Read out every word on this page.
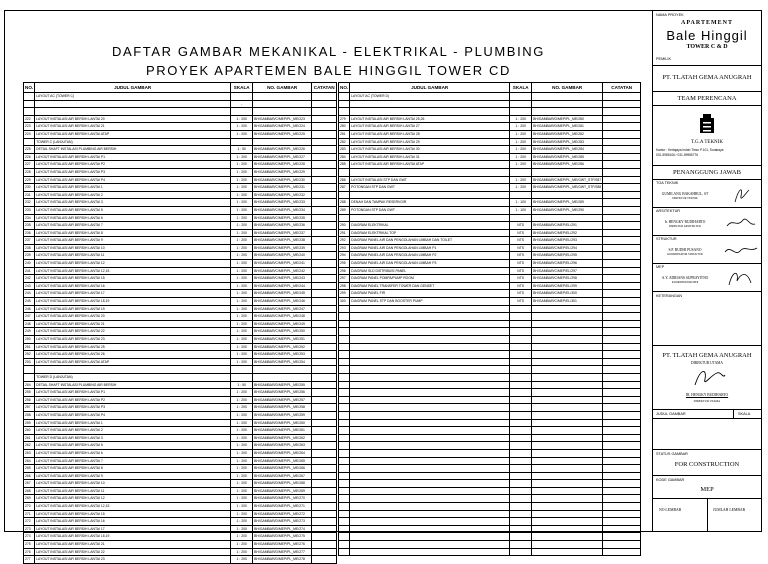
DAFTAR GAMBAR MEKANIKAL - ELEKTRIKAL - PLUMBING
PROYEK APARTEMEN BALE HINGGIL TOWER CD
NO.	JUDUL GAMBAR	SKALA	NO. GAMBAR	CATATAN
	LAYOUT AC (TOWER C)			
		-		

222	LAYOUT INSTALASI AIR BERSIH LANTAI 20	1 : 200	BH/GAMBAR/C/MEP/PL_ME/223	
223	LAYOUT INSTALASI AIR BERSIH LANTAI 21	1 : 200	BH/GAMBAR/C/MEP/PL_ME/224	
224	LAYOUT INSTALASI AIR BERSIH LANTAI ATAP	1 : 200	BH/GAMBAR/C/MEP/PL_ME/225	
	TOWER C (LANJUTAN)			
225	DETAIL SHAFT INSTALASI PLUMBING AIR BERSIH	1 : 50	BH/GAMBAR/C/MEP/PL_ME/226	
226	LAYOUT INSTALASI AIR BERSIH LANTAI P1	1 : 200	BH/GAMBAR/C/MEP/PL_ME/227	
227	LAYOUT INSTALASI AIR BERSIH LANTAI P2	1 : 200	BH/GAMBAR/C/MEP/PL_ME/228	
228	LAYOUT INSTALASI AIR BERSIH LANTAI P3	1 : 200	BH/GAMBAR/C/MEP/PL_ME/229	
229	LAYOUT INSTALASI AIR BERSIH LANTAI P4	1 : 200	BH/GAMBAR/C/MEP/PL_ME/230	
230	LAYOUT INSTALASI AIR BERSIH LANTAI 1	1 : 200	BH/GAMBAR/C/MEP/PL_ME/231	
231	LAYOUT INSTALASI AIR BERSIH LANTAI 2	1 : 200	BH/GAMBAR/C/MEP/PL_ME/232	
232	LAYOUT INSTALASI AIR BERSIH LANTAI 3	1 : 200	BH/GAMBAR/C/MEP/PL_ME/233	
233	LAYOUT INSTALASI AIR BERSIH LANTAI 5	1 : 200	BH/GAMBAR/C/MEP/PL_ME/234	
234	LAYOUT INSTALASI AIR BERSIH LANTAI 6	1 : 200	BH/GAMBAR/C/MEP/PL_ME/235	
235	LAYOUT INSTALASI AIR BERSIH LANTAI 7	1 : 200	BH/GAMBAR/C/MEP/PL_ME/236	
236	LAYOUT INSTALASI AIR BERSIH LANTAI 8	1 : 200	BH/GAMBAR/C/MEP/PL_ME/237	
237	LAYOUT INSTALASI AIR BERSIH LANTAI 9	1 : 200	BH/GAMBAR/C/MEP/PL_ME/238	
238	LAYOUT INSTALASI AIR BERSIH LANTAI 10	1 : 200	BH/GAMBAR/C/MEP/PL_ME/239	
239	LAYOUT INSTALASI AIR BERSIH LANTAI 11	1 : 200	BH/GAMBAR/C/MEP/PL_ME/240	
240	LAYOUT INSTALASI AIR BERSIH LANTAI 12	1 : 200	BH/GAMBAR/C/MEP/PL_ME/241	
241	LAYOUT INSTALASI AIR BERSIH LANTAI 12,15	1 : 200	BH/GAMBAR/C/MEP/PL_ME/242	
242	LAYOUT INSTALASI AIR BERSIH LANTAI 15	1 : 200	BH/GAMBAR/C/MEP/PL_ME/243	
243	LAYOUT INSTALASI AIR BERSIH LANTAI 16	1 : 200	BH/GAMBAR/C/MEP/PL_ME/244	
244	LAYOUT INSTALASI AIR BERSIH LANTAI 17	1 : 200	BH/GAMBAR/C/MEP/PL_ME/245	
245	LAYOUT INSTALASI AIR BERSIH LANTAI 18,19	1 : 200	BH/GAMBAR/C/MEP/PL_ME/246	
246	LAYOUT INSTALASI AIR BERSIH LANTAI 19	1 : 200	BH/GAMBAR/C/MEP/PL_ME/247	
247	LAYOUT INSTALASI AIR BERSIH LANTAI 20	1 : 200	BH/GAMBAR/C/MEP/PL_ME/248	
248	LAYOUT INSTALASI AIR BERSIH LANTAI 21	1 : 200	BH/GAMBAR/C/MEP/PL_ME/249	
249	LAYOUT INSTALASI AIR BERSIH LANTAI 22	1 : 200	BH/GAMBAR/C/MEP/PL_ME/250	
250	LAYOUT INSTALASI AIR BERSIH LANTAI 23	1 : 200	BH/GAMBAR/C/MEP/PL_ME/251	
251	LAYOUT INSTALASI AIR BERSIH LANTAI 25	1 : 200	BH/GAMBAR/C/MEP/PL_ME/252	
252	LAYOUT INSTALASI AIR BERSIH LANTAI 26	1 : 200	BH/GAMBAR/C/MEP/PL_ME/253	
253	LAYOUT INSTALASI AIR BERSIH LANTAI ATAP	1 : 200	BH/GAMBAR/C/MEP/PL_ME/254	

	TOWER D (LANJUTAN)			
254	DETAIL SHAFT INSTALASI PLUMBING AIR BERSIH	1 : 50	BH/GAMBAR/D/MEP/PL_ME/255	
255	LAYOUT INSTALASI AIR BERSIH LANTAI P1	1 : 200	BH/GAMBAR/D/MEP/PL_ME/256	
256	LAYOUT INSTALASI AIR BERSIH LANTAI P2	1 : 200	BH/GAMBAR/D/MEP/PL_ME/257	
257	LAYOUT INSTALASI AIR BERSIH LANTAI P3	1 : 200	BH/GAMBAR/D/MEP/PL_ME/258	
258	LAYOUT INSTALASI AIR BERSIH LANTAI P4	1 : 200	BH/GAMBAR/D/MEP/PL_ME/259	
259	LAYOUT INSTALASI AIR BERSIH LANTAI 1	1 : 200	BH/GAMBAR/D/MEP/PL_ME/260	
260	LAYOUT INSTALASI AIR BERSIH LANTAI 2	1 : 200	BH/GAMBAR/D/MEP/PL_ME/261	
261	LAYOUT INSTALASI AIR BERSIH LANTAI 3	1 : 200	BH/GAMBAR/D/MEP/PL_ME/262	
262	LAYOUT INSTALASI AIR BERSIH LANTAI 5	1 : 200	BH/GAMBAR/D/MEP/PL_ME/263	
263	LAYOUT INSTALASI AIR BERSIH LANTAI 6	1 : 200	BH/GAMBAR/D/MEP/PL_ME/264	
264	LAYOUT INSTALASI AIR BERSIH LANTAI 7	1 : 200	BH/GAMBAR/D/MEP/PL_ME/265	
265	LAYOUT INSTALASI AIR BERSIH LANTAI 8	1 : 200	BH/GAMBAR/D/MEP/PL_ME/266	
266	LAYOUT INSTALASI AIR BERSIH LANTAI 9	1 : 200	BH/GAMBAR/D/MEP/PL_ME/267	
267	LAYOUT INSTALASI AIR BERSIH LANTAI 10	1 : 200	BH/GAMBAR/D/MEP/PL_ME/268	
268	LAYOUT INSTALASI AIR BERSIH LANTAI 11	1 : 200	BH/GAMBAR/D/MEP/PL_ME/269	
269	LAYOUT INSTALASI AIR BERSIH LANTAI 12	1 : 200	BH/GAMBAR/D/MEP/PL_ME/270	
270	LAYOUT INSTALASI AIR BERSIH LANTAI 12,15	1 : 200	BH/GAMBAR/D/MEP/PL_ME/271	
271	LAYOUT INSTALASI AIR BERSIH LANTAI 15	1 : 200	BH/GAMBAR/D/MEP/PL_ME/272	
272	LAYOUT INSTALASI AIR BERSIH LANTAI 16	1 : 200	BH/GAMBAR/D/MEP/PL_ME/273	
273	LAYOUT INSTALASI AIR BERSIH LANTAI 17	1 : 200	BH/GAMBAR/D/MEP/PL_ME/274	
274	LAYOUT INSTALASI AIR BERSIH LANTAI 18,19	1 : 200	BH/GAMBAR/D/MEP/PL_ME/275	
275	LAYOUT INSTALASI AIR BERSIH LANTAI 21	1 : 200	BH/GAMBAR/D/MEP/PL_ME/276	
276	LAYOUT INSTALASI AIR BERSIH LANTAI 22	1 : 200	BH/GAMBAR/D/MEP/PL_ME/277	
277	LAYOUT INSTALASI AIR BERSIH LANTAI 23	1 : 200	BH/GAMBAR/D/MEP/PL_ME/278	
NO.	JUDUL GAMBAR	SKALA	NO. GAMBAR	CATATAN
	LAYOUT AC (TOWER D)			

279	LAYOUT INSTALASI AIR BERSIH LANTAI 25,26	1 : 200	BH/GAMBAR/D/MEP/PL_ME/280	
280	LAYOUT INSTALASI AIR BERSIH LANTAI 27	1 : 200	BH/GAMBAR/D/MEP/PL_ME/281	
281	LAYOUT INSTALASI AIR BERSIH LANTAI 28	1 : 200	BH/GAMBAR/D/MEP/PL_ME/282	
282	LAYOUT INSTALASI AIR BERSIH LANTAI 29	1 : 200	BH/GAMBAR/D/MEP/PL_ME/283	
283	LAYOUT INSTALASI AIR BERSIH LANTAI 30	1 : 200	BH/GAMBAR/D/MEP/PL_ME/284	
284	LAYOUT INSTALASI AIR BERSIH LANTAI 31	1 : 200	BH/GAMBAR/D/MEP/PL_ME/285	
285	LAYOUT INSTALASI AIR BERSIH LANTAI ATAP	1 : 200	BH/GAMBAR/D/MEP/PL_ME/286	

286	LAYOUT INSTALASI STP DAN GWT	1 : 200	BH/GAMBAR/C/MEP/PL_ME/GWT_STP/287	
287	POTONGAN STP DAN GWT	1 : 200	BH/GAMBAR/C/MEP/PL_ME/GWT_STP/288	

288	DENAH DAN TAMPAK RESERVOIR	1 : 100	BH/GAMBAR/C/MEP/PL_ME/289	
289	POTONGAN STP DAN GWT	1 : 100	BH/GAMBAR/C/MEP/PL_ME/290	

290	DIAGRAM ELEKTRIKAL	NTS	BH/GAMBAR/C/MEP/EL/291	
291	DIAGRAM ELEKTRIKAL TOP	NTS	BH/GAMBAR/C/MEP/EL/292	
292	DIAGRAM PANEL AIR DAN PENGOLAHAN LIMBAH DAN TOILET	NTS	BH/GAMBAR/C/MEP/EL/293	
293	DIAGRAM PANEL AIR DAN PENGOLAHAN LIMBAH P1	NTS	BH/GAMBAR/C/MEP/EL/294	
294	DIAGRAM PANEL AIR DAN PENGOLAHAN LIMBAH P2	NTS	BH/GAMBAR/C/MEP/EL/295	
295	DIAGRAM PANEL AIR DAN PENGOLAHAN LIMBAH P3	NTS	BH/GAMBAR/C/MEP/EL/296	
296	DIAGRAM SLD DISTRIBUSI PANEL	NTS	BH/GAMBAR/C/MEP/EL/297	
297	DIAGRAM PANEL POMPA/PUMP ROOM	NTS	BH/GAMBAR/C/MEP/EL/298	
298	DIAGRAM PANEL TRANSFER TOWER DAN GENSET	NTS	BH/GAMBAR/C/MEP/EL/299	
299	DIAGRAM PANEL FIR	NTS	BH/GAMBAR/C/MEP/EL/300	
300	DIAGRAM PANEL STP DAN BOOSTER PUMP	NTS	BH/GAMBAR/C/MEP/EL/301	

NAMA PROYEK
APARTEMENT
Bale Hinggil
TOWER C & D
PEMILIK
PT. TLATAH GEMA ANUGRAH
TEAM PERENCANA
T.G.A TEKNIK
Kantor : Kertajaya Indah Timur P.101, Surabaya
031-5985106 / 031-59985776
PENANGGUNG JAWAB
TGA TEKNIK
GUMILANG BAKAHRUL, ST
DIREKTUR TEKNIK
ARSITEKTUR
Ir. HENGKY BUDIHARTO
DIREKTUR ARSITEKTUR
STRUKTUR
S.P. BUDHI PUSANO
KOORDINATOR STRUKTUR
MEP
A.Y. ADRIANS SUPRAYITNO
KOORDINATOR MEP
KETERANGAN
PT. TLATAH GEMA ANUGRAH
DIREKTUR UTAMA
IR. HENGKY BUDIHARTO
DIREKTUR UTAMA
JUDUL GAMBAR	SKALA
STATUS GAMBAR
FOR CONSTRUCTION
KODE GAMBAR
MEP
NO LEMBAR	JUMLAH LEMBAR
